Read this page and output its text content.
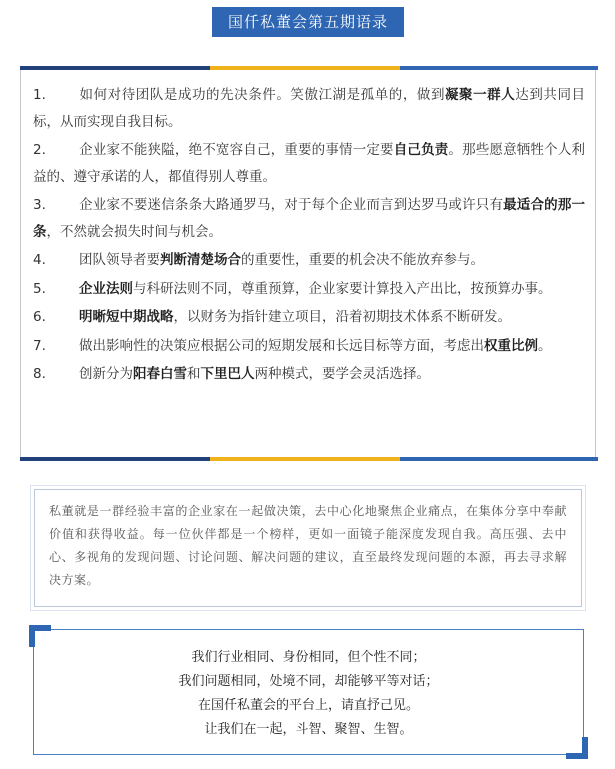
国仟私董会第五期语录
1. 如何对待团队是成功的先决条件。笑傲江湖是孤单的，做到凝聚一群人达到共同目标，从而实现自我目标。
2. 企业家不能狭隘，绝不宽容自己，重要的事情一定要自己负责。那些愿意牺牲个人利益的、遵守承诺的人，都值得别人尊重。
3. 企业家不要迷信条条大路通罗马，对于每个企业而言到达罗马或许只有最适合的那一条，不然就会损失时间与机会。
4. 团队领导者要判断清楚场合的重要性，重要的机会决不能放弃参与。
5. 企业法则与科研法则不同，尊重预算，企业家要计算投入产出比，按预算办事。
6. 明晰短中期战略，以财务为指针建立项目，沿着初期技术体系不断研发。
7. 做出影响性的决策应根据公司的短期发展和长远目标等方面，考虑出权重比例。
8. 创新分为阳春白雪和下里巴人两种模式，要学会灵活选择。
私董就是一群经验丰富的企业家在一起做决策，去中心化地聚焦企业痛点，在集体分享中奉献价值和获得收益。每一位伙伴都是一个榜样，更如一面镜子能深度发现自我。高压强、去中心、多视角的发现问题、讨论问题、解决问题的建议，直至最终发现问题的本源，再去寻求解决方案。
我们行业相同、身份相同，但个性不同；
我们问题相同，处境不同，却能够平等对话；
在国仟私董会的平台上，请直抒己见。
让我们在一起，斗智、聚智、生智。
